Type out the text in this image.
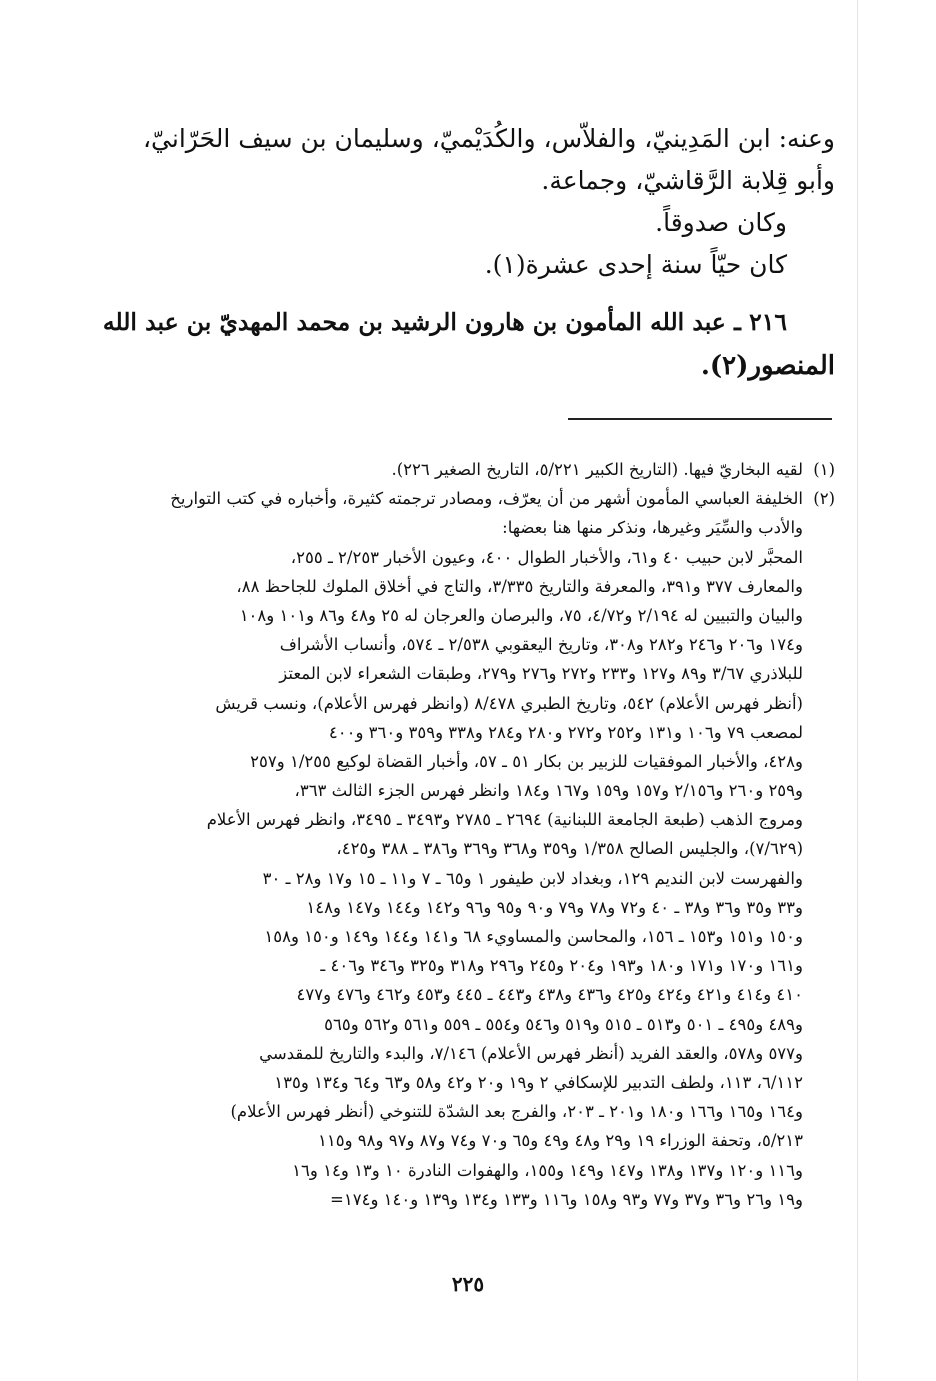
وعنه: ابن المَدِينيّ، والفلاّس، والكُدَيْميّ، وسليمان بن سيف الحَرّانيّ،
وأبو قِلابة الرَّقاشيّ، وجماعة.
وكان صدوقاً.
كان حيّاً سنة إحدى عشرة(١).
٢١٦ ـ عبد الله المأمون بن هارون الرشيد بن محمد المهديّ بن عبد الله
المنصور(٢).
(١)لقيه البخاريّ فيها. (التاريخ الكبير ٥/٢٢١، التاريخ الصغير ٢٢٦).
(٢)الخليفة العباسي المأمون أشهر من أن يعرّف، ومصادر ترجمته كثيرة، وأخباره في كتب التواريخ
والأدب والسِّيَر وغيرها، ونذكر منها هنا بعضها:
المحبَّر لابن حبيب ٤٠ و٦١، والأخبار الطوال ٤٠٠، وعيون الأخبار ٢/٢٥٣ ـ ٢٥٥،
والمعارف ٣٧٧ و٣٩١، والمعرفة والتاريخ ٣/٣٣٥، والتاج في أخلاق الملوك للجاحظ ٨٨،
والبيان والتبيين له ٢/١٩٤ و٤/٧٢، ٧٥، والبرصان والعرجان له ٢٥ و٤٨ و٨٦ و١٠١ و١٠٨
و١٧٤ و٢٠٦ و٢٤٦ و٢٨٢ و٣٠٨، وتاريخ اليعقوبي ٢/٥٣٨ ـ ٥٧٤، وأنساب الأشراف
للبلاذري ٣/٦٧ و٨٩ و١٢٧ و٢٣٣ و٢٧٢ و٢٧٦ و٢٧٩، وطبقات الشعراء لابن المعتز
(أنظر فهرس الأعلام) ٥٤٢، وتاريخ الطبري ٨/٤٧٨ (وانظر فهرس الأعلام)، ونسب قريش
لمصعب ٧٩ و١٠٦ و١٣١ و٢٥٢ و٢٧٢ و٢٨٠ و٢٨٤ و٣٣٨ و٣٥٩ و٣٦٠ و٤٠٠
و٤٢٨، والأخبار الموفقيات للزبير بن بكار ٥١ ـ ٥٧، وأخبار القضاة لوكيع ١/٢٥٥ و٢٥٧
و٢٥٩ و٢٦٠ و٢/١٥٦ و١٥٧ و١٥٩ و١٦٧ و١٨٤ وانظر فهرس الجزء الثالث ٣٦٣،
ومروج الذهب (طبعة الجامعة اللبنانية) ٢٦٩٤ ـ ٢٧٨٥ و٣٤٩٣ ـ ٣٤٩٥، وانظر فهرس الأعلام
(٧/٦٢٩)، والجليس الصالح ١/٣٥٨ و٣٥٩ و٣٦٨ و٣٦٩ و٣٨٦ ـ ٣٨٨ و٤٢٥،
والفهرست لابن النديم ١٢٩، وبغداد لابن طيفور ١ و٦٥ ـ ٧ و١١ ـ ١٥ و١٧ و٢٨ ـ ٣٠
و٣٣ و٣٥ و٣٦ و٣٨ ـ ٤٠ و٧٢ و٧٨ و٧٩ و٩٠ و٩٥ و٩٦ و١٤٢ و١٤٤ و١٤٧ و١٤٨
و١٥٠ و١٥١ و١٥٣ ـ ١٥٦، والمحاسن والمساويء ٦٨ و١٤١ و١٤٤ و١٤٩ و١٥٠ و١٥٨
و١٦١ و١٧٠ و١٧١ و١٨٠ و١٩٣ و٢٠٤ و٢٤٥ و٢٩٦ و٣١٨ و٣٢٥ و٣٤٦ و٤٠٦ ـ
٤١٠ و٤١٤ و٤٢١ و٤٢٤ و٤٢٥ و٤٣٦ و٤٣٨ و٤٤٣ ـ ٤٤٥ و٤٥٣ و٤٦٢ و٤٧٦ و٤٧٧
و٤٨٩ و٤٩٥ ـ ٥٠١ و٥١٣ ـ ٥١٥ و٥١٩ و٥٤٦ و٥٥٤ ـ ٥٥٩ و٥٦١ و٥٦٢ و٥٦٥
و٥٧٧ و٥٧٨، والعقد الفريد (أنظر فهرس الأعلام) ٧/١٤٦، والبدء والتاريخ للمقدسي
٦/١١٢، ١١٣، ولطف التدبير للإسكافي ٢ و١٩ و٢٠ و٤٢ و٥٨ و٦٣ و٦٤ و١٣٤ و١٣٥
و١٦٤ و١٦٥ و١٦٦ و١٨٠ و٢٠١ ـ ٢٠٣، والفرج بعد الشدّة للتنوخي (أنظر فهرس الأعلام)
٥/٢١٣، وتحفة الوزراء ١٩ و٢٩ و٤٨ و٤٩ و٦٥ و٧٠ و٧٤ و٨٧ و٩٧ و٩٨ و١١٥
و١١٦ و١٢٠ و١٣٧ و١٣٨ و١٤٧ و١٤٩ و١٥٥، والهفوات النادرة ١٠ و١٣ و١٤ و١٦
و١٩ و٢٦ و٣٦ و٣٧ و٧٧ و٩٣ و١٥٨ و١١٦ و١٣٣ و١٣٤ و١٣٩ و١٤٠ و١٧٤=
٢٢٥
